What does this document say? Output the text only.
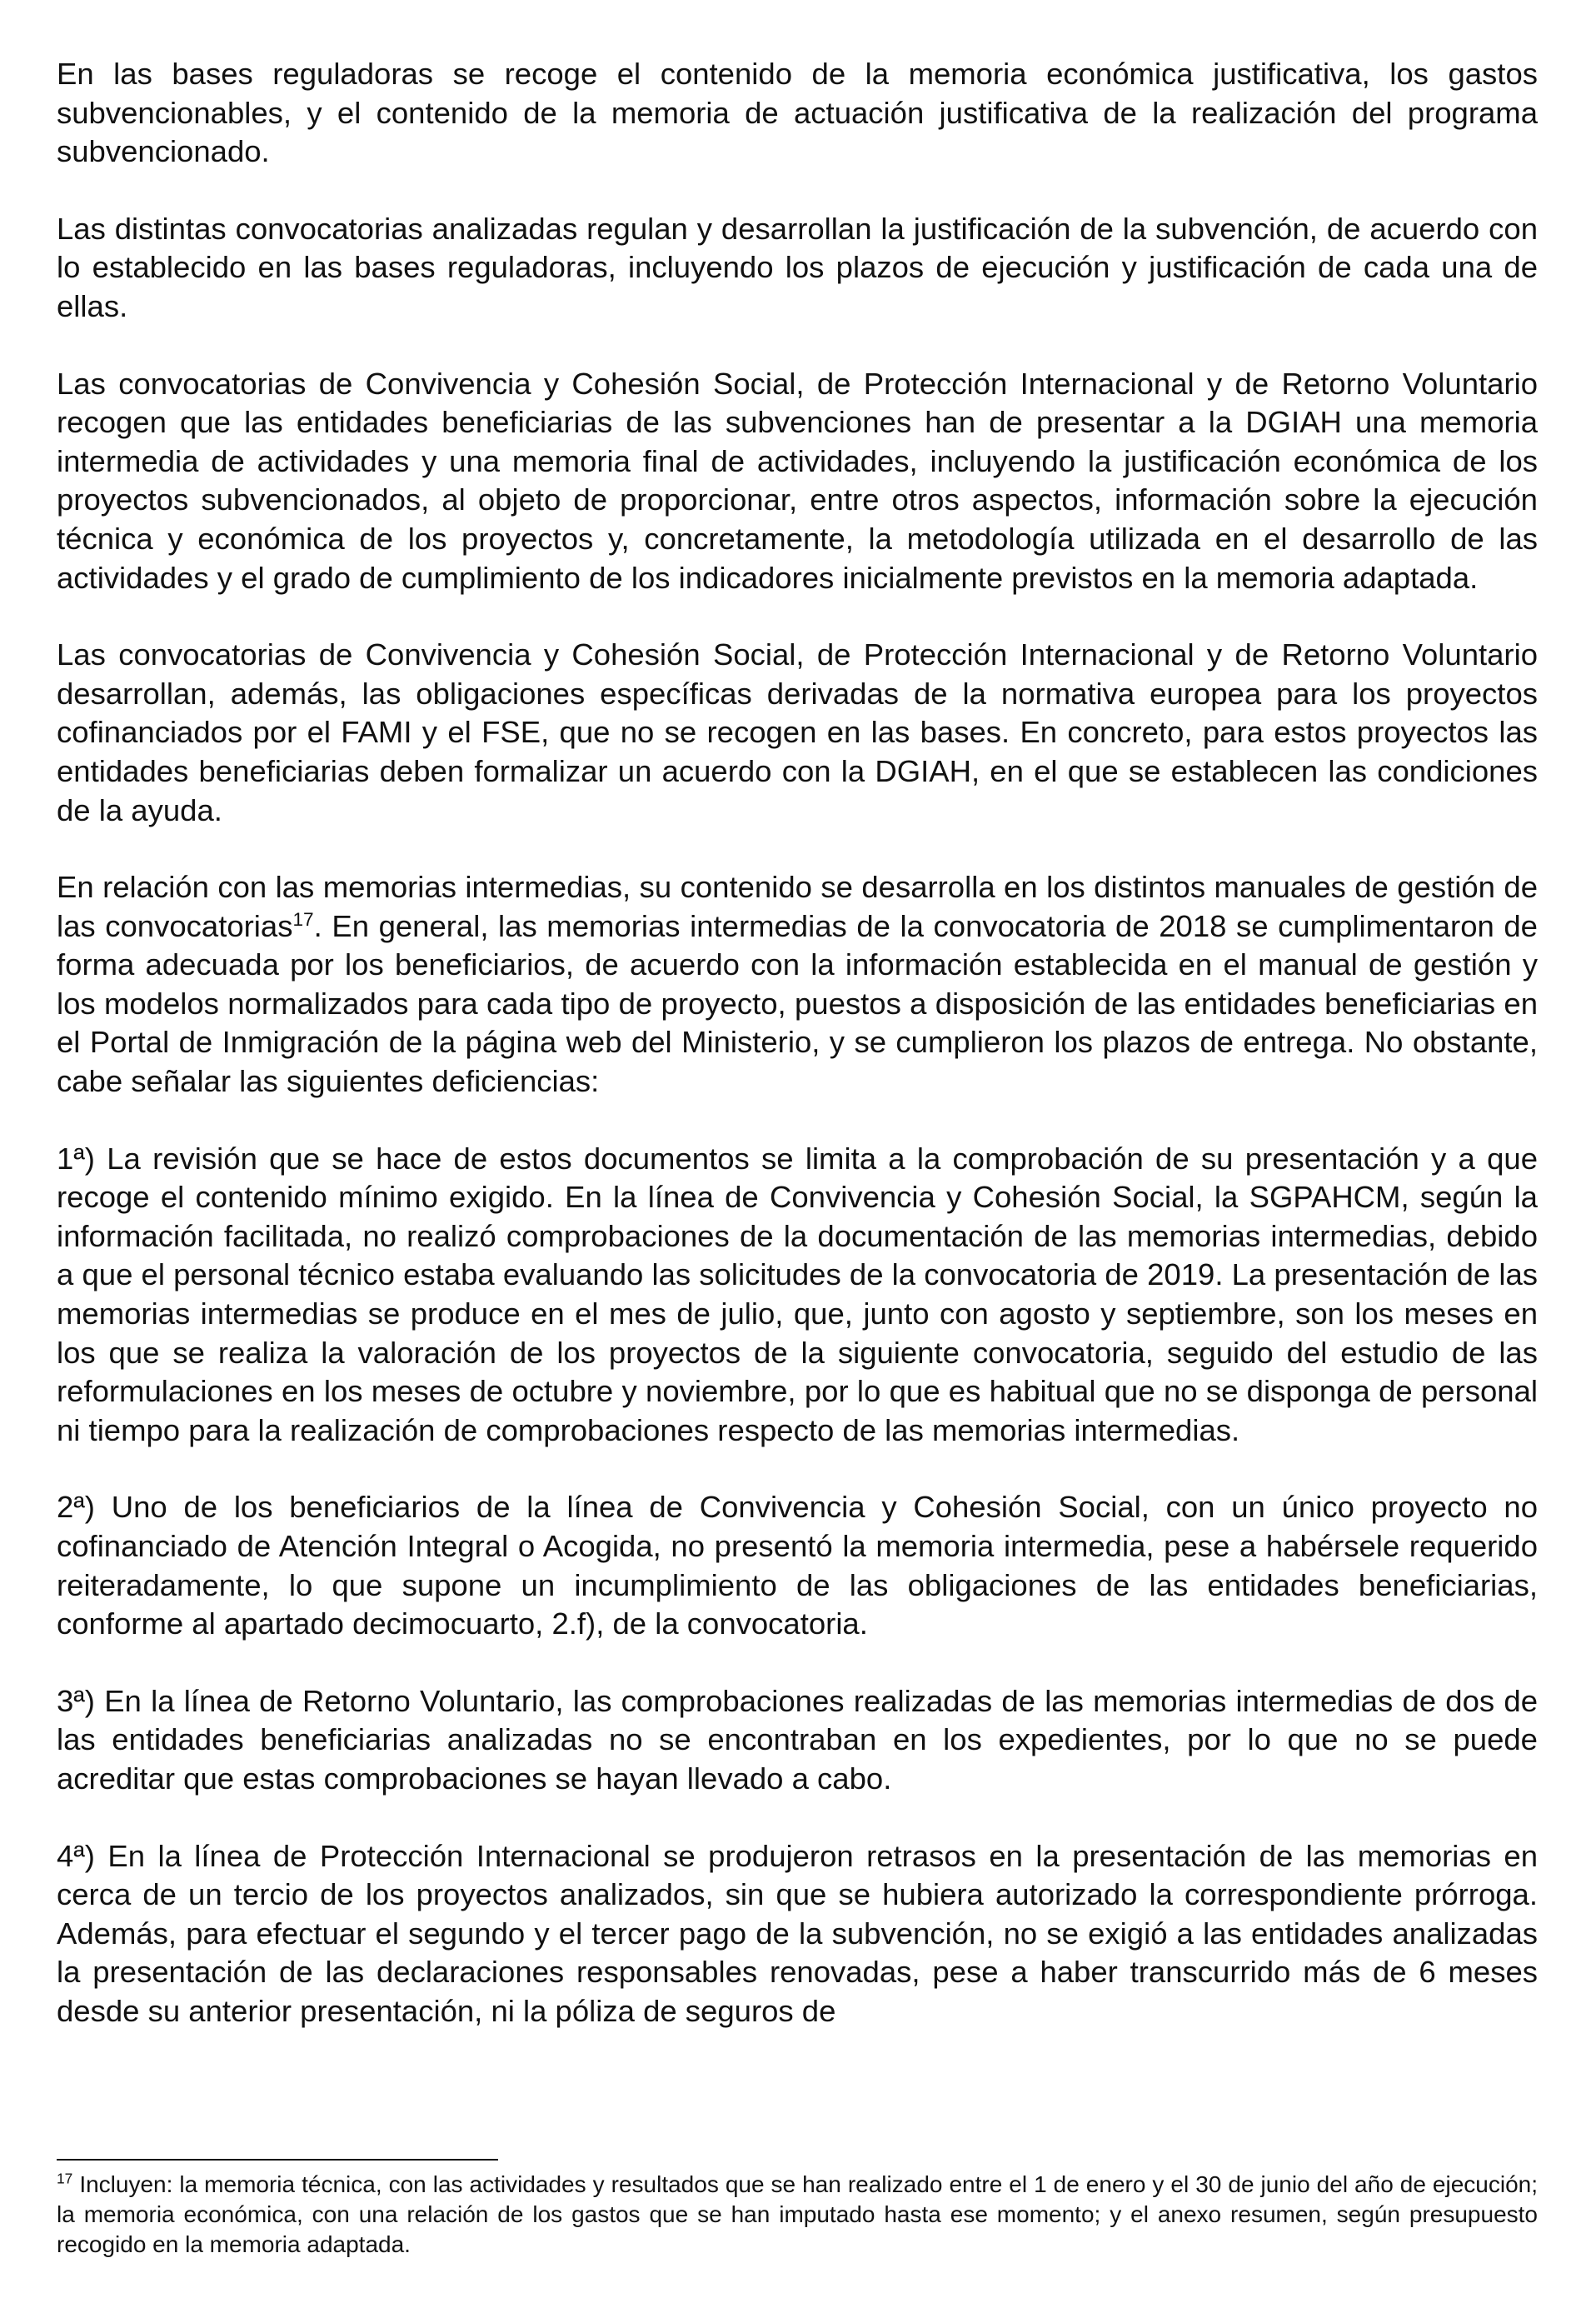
En las bases reguladoras se recoge el contenido de la memoria económica justificativa, los gastos subvencionables, y el contenido de la memoria de actuación justificativa de la realización del programa subvencionado.

Las distintas convocatorias analizadas regulan y desarrollan la justificación de la subvención, de acuerdo con lo establecido en las bases reguladoras, incluyendo los plazos de ejecución y justificación de cada una de ellas.

Las convocatorias de Convivencia y Cohesión Social, de Protección Internacional y de Retorno Voluntario recogen que las entidades beneficiarias de las subvenciones han de presentar a la DGIAH una memoria intermedia de actividades y una memoria final de actividades, incluyendo la justificación económica de los proyectos subvencionados, al objeto de proporcionar, entre otros aspectos, información sobre la ejecución técnica y económica de los proyectos y, concretamente, la metodología utilizada en el desarrollo de las actividades y el grado de cumplimiento de los indicadores inicialmente previstos en la memoria adaptada.

Las convocatorias de Convivencia y Cohesión Social, de Protección Internacional y de Retorno Voluntario desarrollan, además, las obligaciones específicas derivadas de la normativa europea para los proyectos cofinanciados por el FAMI y el FSE, que no se recogen en las bases. En concreto, para estos proyectos las entidades beneficiarias deben formalizar un acuerdo con la DGIAH, en el que se establecen las condiciones de la ayuda.

En relación con las memorias intermedias, su contenido se desarrolla en los distintos manuales de gestión de las convocatorias$^{17}$. En general, las memorias intermedias de la convocatoria de 2018 se cumplimentaron de forma adecuada por los beneficiarios, de acuerdo con la información establecida en el manual de gestión y los modelos normalizados para cada tipo de proyecto, puestos a disposición de las entidades beneficiarias en el Portal de Inmigración de la página web del Ministerio, y se cumplieron los plazos de entrega. No obstante, cabe señalar las siguientes deficiencias:

1ª) La revisión que se hace de estos documentos se limita a la comprobación de su presentación y a que recoge el contenido mínimo exigido. En la línea de Convivencia y Cohesión Social, la SGPAHCM, según la información facilitada, no realizó comprobaciones de la documentación de las memorias intermedias, debido a que el personal técnico estaba evaluando las solicitudes de la convocatoria de 2019. La presentación de las memorias intermedias se produce en el mes de julio, que, junto con agosto y septiembre, son los meses en los que se realiza la valoración de los proyectos de la siguiente convocatoria, seguido del estudio de las reformulaciones en los meses de octubre y noviembre, por lo que es habitual que no se disponga de personal ni tiempo para la realización de comprobaciones respecto de las memorias intermedias.

2ª) Uno de los beneficiarios de la línea de Convivencia y Cohesión Social, con un único proyecto no cofinanciado de Atención Integral o Acogida, no presentó la memoria intermedia, pese a habérsele requerido reiteradamente, lo que supone un incumplimiento de las obligaciones de las entidades beneficiarias, conforme al apartado decimocuarto, 2.f), de la convocatoria.

3ª) En la línea de Retorno Voluntario, las comprobaciones realizadas de las memorias intermedias de dos de las entidades beneficiarias analizadas no se encontraban en los expedientes, por lo que no se puede acreditar que estas comprobaciones se hayan llevado a cabo.

4ª) En la línea de Protección Internacional se produjeron retrasos en la presentación de las memorias en cerca de un tercio de los proyectos analizados, sin que se hubiera autorizado la correspondiente prórroga. Además, para efectuar el segundo y el tercer pago de la subvención, no se exigió a las entidades analizadas la presentación de las declaraciones responsables renovadas, pese a haber transcurrido más de 6 meses desde su anterior presentación, ni la póliza de seguros de

$^{17}$ Incluyen: la memoria técnica, con las actividades y resultados que se han realizado entre el 1 de enero y el 30 de junio del año de ejecución; la memoria económica, con una relación de los gastos que se han imputado hasta ese momento; y el anexo resumen, según presupuesto recogido en la memoria adaptada.
